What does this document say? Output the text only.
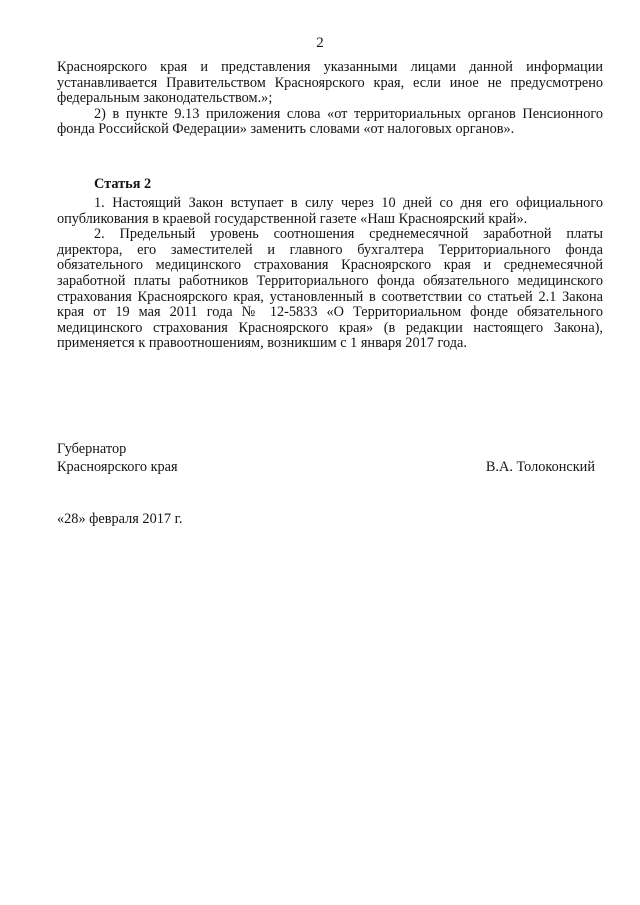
2

Красноярского края и представления указанными лицами данной информации устанавливается Правительством Красноярского края, если иное не предусмотрено федеральным законодательством.»;

2) в пункте 9.13 приложения слова «от территориальных органов Пенсионного фонда Российской Федерации» заменить словами «от налоговых органов».

Статья 2

1. Настоящий Закон вступает в силу через 10 дней со дня его официального опубликования в краевой государственной газете «Наш Красноярский край».

2. Предельный уровень соотношения среднемесячной заработной платы директора, его заместителей и главного бухгалтера Территориального фонда обязательного медицинского страхования Красноярского края и среднемесячной заработной платы работников Территориального фонда обязательного медицинского страхования Красноярского края, установленный в соответствии со статьей 2.1 Закона края от 19 мая 2011 года № 12-5833 «О Территориальном фонде обязательного медицинского страхования Красноярского края» (в редакции настоящего Закона), применяется к правоотношениям, возникшим с 1 января 2017 года.

Губернатор
Красноярского края	В.А. Толоконский
«28» февраля 2017 г.
